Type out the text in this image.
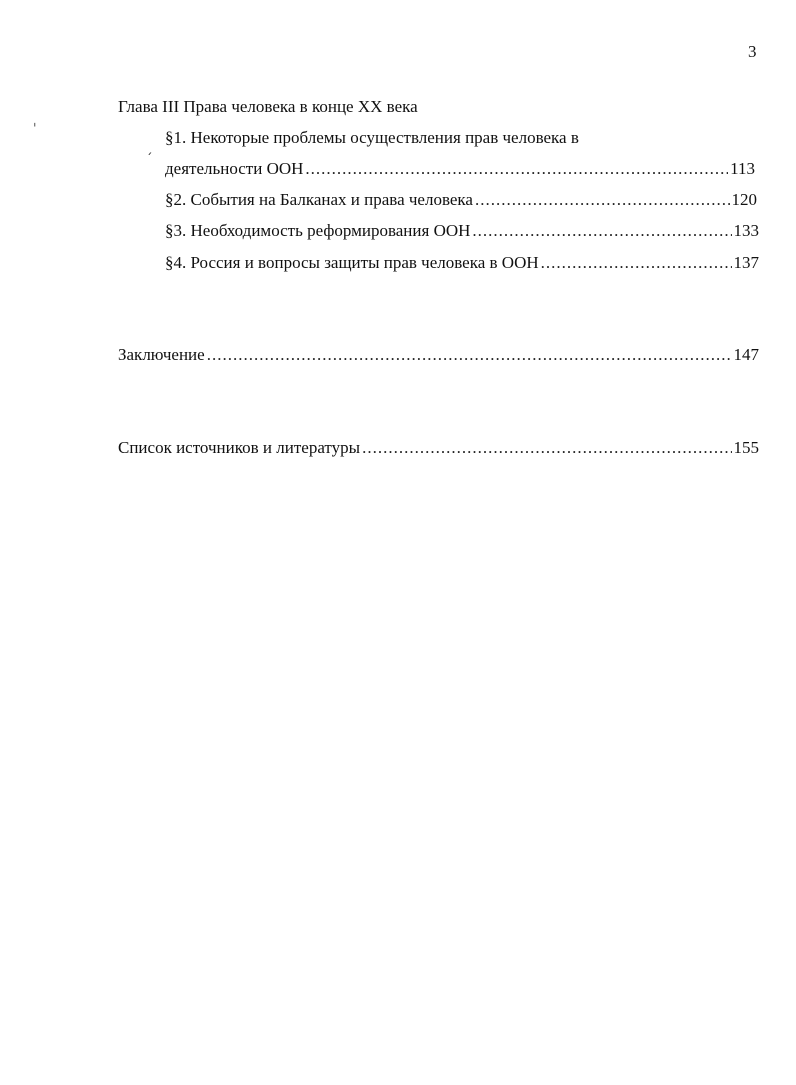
3
Глава III Права человека в конце XX века
ˈ
ˏ
§1. Некоторые проблемы осуществления прав человека в
деятельности ООН .....	113
§2. События на Балканах и права человека .....	120
§3. Необходимость реформирования ООН .....	133
§4. Россия и вопросы защиты прав человека в ООН .....	137
Заключение .....	147
Список источников и литературы .....	155
